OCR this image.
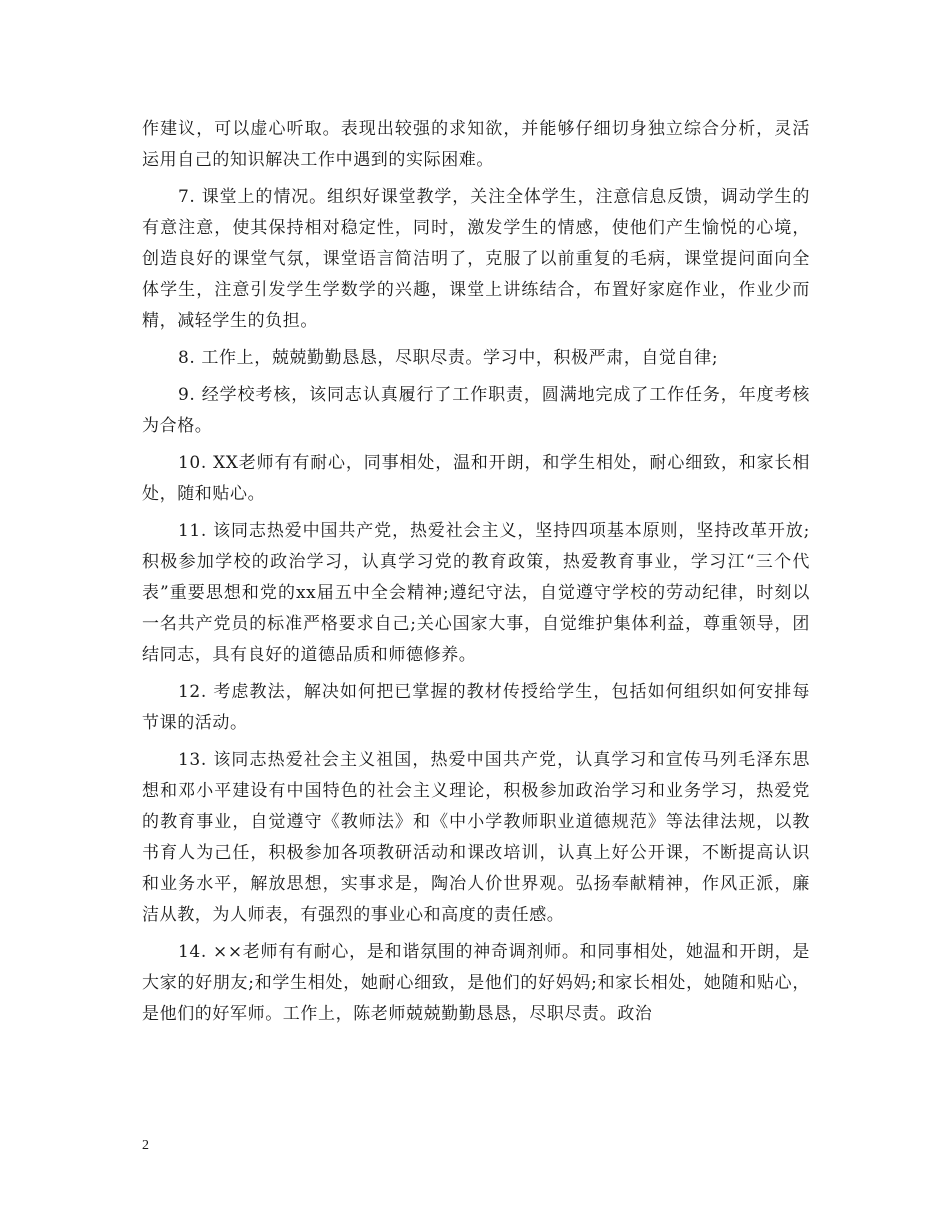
作建议，可以虚心听取。表现出较强的求知欲，并能够仔细切身独立综合分析，灵活运用自己的知识解决工作中遇到的实际困难。

7. 课堂上的情况。组织好课堂教学，关注全体学生，注意信息反馈，调动学生的有意注意，使其保持相对稳定性，同时，激发学生的情感，使他们产生愉悦的心境，创造良好的课堂气氛，课堂语言简洁明了，克服了以前重复的毛病，课堂提问面向全体学生，注意引发学生学数学的兴趣，课堂上讲练结合，布置好家庭作业，作业少而精，减轻学生的负担。

8. 工作上，兢兢勤勤恳恳，尽职尽责。学习中，积极严肃，自觉自律;

9. 经学校考核，该同志认真履行了工作职责，圆满地完成了工作任务，年度考核为合格。

10. XX老师有有耐心，同事相处，温和开朗，和学生相处，耐心细致，和家长相处，随和贴心。

11. 该同志热爱中国共产党，热爱社会主义，坚持四项基本原则，坚持改革开放;积极参加学校的政治学习，认真学习党的教育政策，热爱教育事业，学习江“三个代表”重要思想和党的xx届五中全会精神;遵纪守法，自觉遵守学校的劳动纪律，时刻以一名共产党员的标准严格要求自己;关心国家大事，自觉维护集体利益，尊重领导，团结同志，具有良好的道德品质和师德修养。

12. 考虑教法，解决如何把已掌握的教材传授给学生，包括如何组织如何安排每节课的活动。

13. 该同志热爱社会主义祖国，热爱中国共产党，认真学习和宣传马列毛泽东思想和邓小平建设有中国特色的社会主义理论，积极参加政治学习和业务学习，热爱党的教育事业，自觉遵守《教师法》和《中小学教师职业道德规范》等法律法规，以教书育人为己任，积极参加各项教研活动和课改培训，认真上好公开课，不断提高认识和业务水平，解放思想，实事求是，陶冶人价世界观。弘扬奉献精神，作风正派，廉洁从教，为人师表，有强烈的事业心和高度的责任感。

14. ××老师有有耐心，是和谐氛围的神奇调剂师。和同事相处，她温和开朗，是大家的好朋友;和学生相处，她耐心细致，是他们的好妈妈;和家长相处，她随和贴心，是他们的好军师。工作上，陈老师兢兢勤勤恳恳，尽职尽责。政治

2
